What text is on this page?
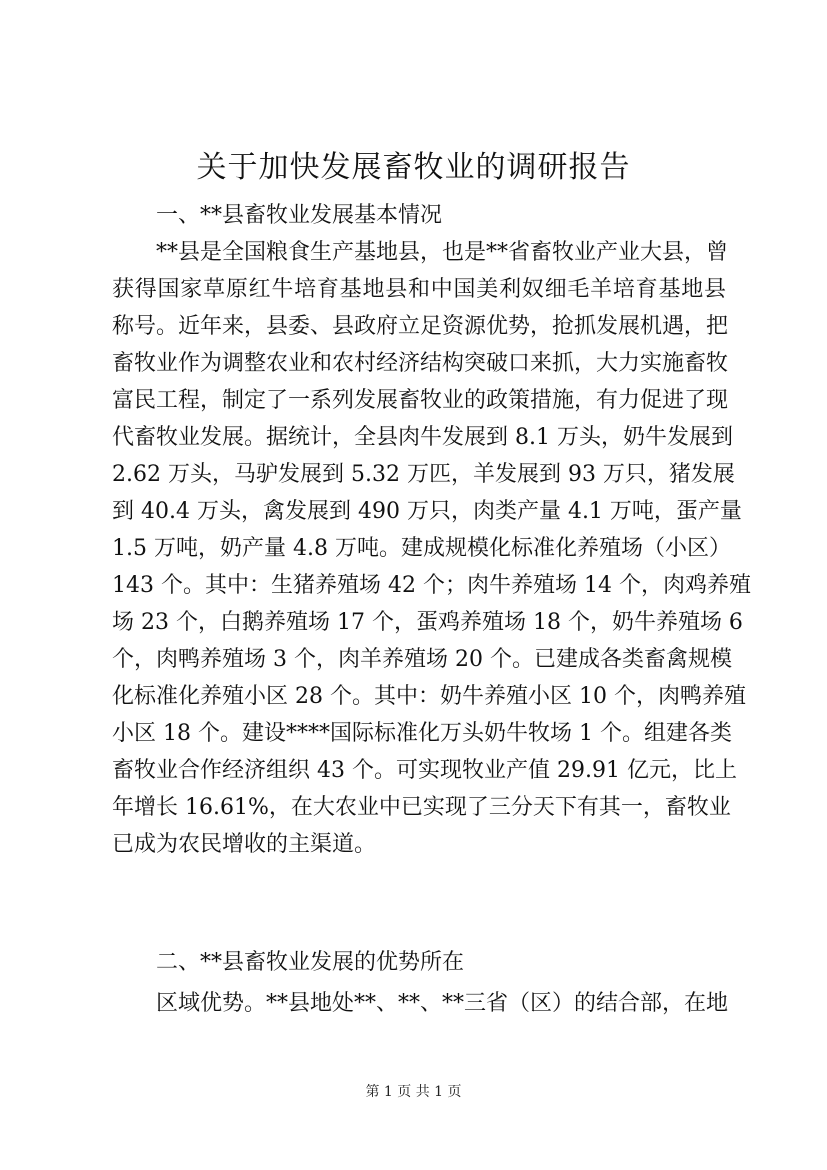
关于加快发展畜牧业的调研报告

一、**县畜牧业发展基本情况

**县是全国粮食生产基地县，也是**省畜牧业产业大县，曾
获得国家草原红牛培育基地县和中国美利奴细毛羊培育基地县
称号。近年来，县委、县政府立足资源优势，抢抓发展机遇，把
畜牧业作为调整农业和农村经济结构突破口来抓，大力实施畜牧
富民工程，制定了一系列发展畜牧业的政策措施，有力促进了现
代畜牧业发展。据统计，全县肉牛发展到 8.1 万头，奶牛发展到
2.62 万头，马驴发展到 5.32 万匹，羊发展到 93 万只，猪发展
到 40.4 万头，禽发展到 490 万只，肉类产量 4.1 万吨，蛋产量
1.5 万吨，奶产量 4.8 万吨。建成规模化标准化养殖场（小区）
143 个。其中：生猪养殖场 42 个；肉牛养殖场 14 个，肉鸡养殖
场 23 个，白鹅养殖场 17 个，蛋鸡养殖场 18 个，奶牛养殖场 6
个，肉鸭养殖场 3 个，肉羊养殖场 20 个。已建成各类畜禽规模
化标准化养殖小区 28 个。其中：奶牛养殖小区 10 个，肉鸭养殖
小区 18 个。建设****国际标准化万头奶牛牧场 1 个。组建各类
畜牧业合作经济组织 43 个。可实现牧业产值 29.91 亿元，比上
年增长 16.61%，在大农业中已实现了三分天下有其一，畜牧业
已成为农民增收的主渠道。

二、**县畜牧业发展的优势所在

区域优势。**县地处**、**、**三省（区）的结合部，在地
第 1 页 共 1 页
